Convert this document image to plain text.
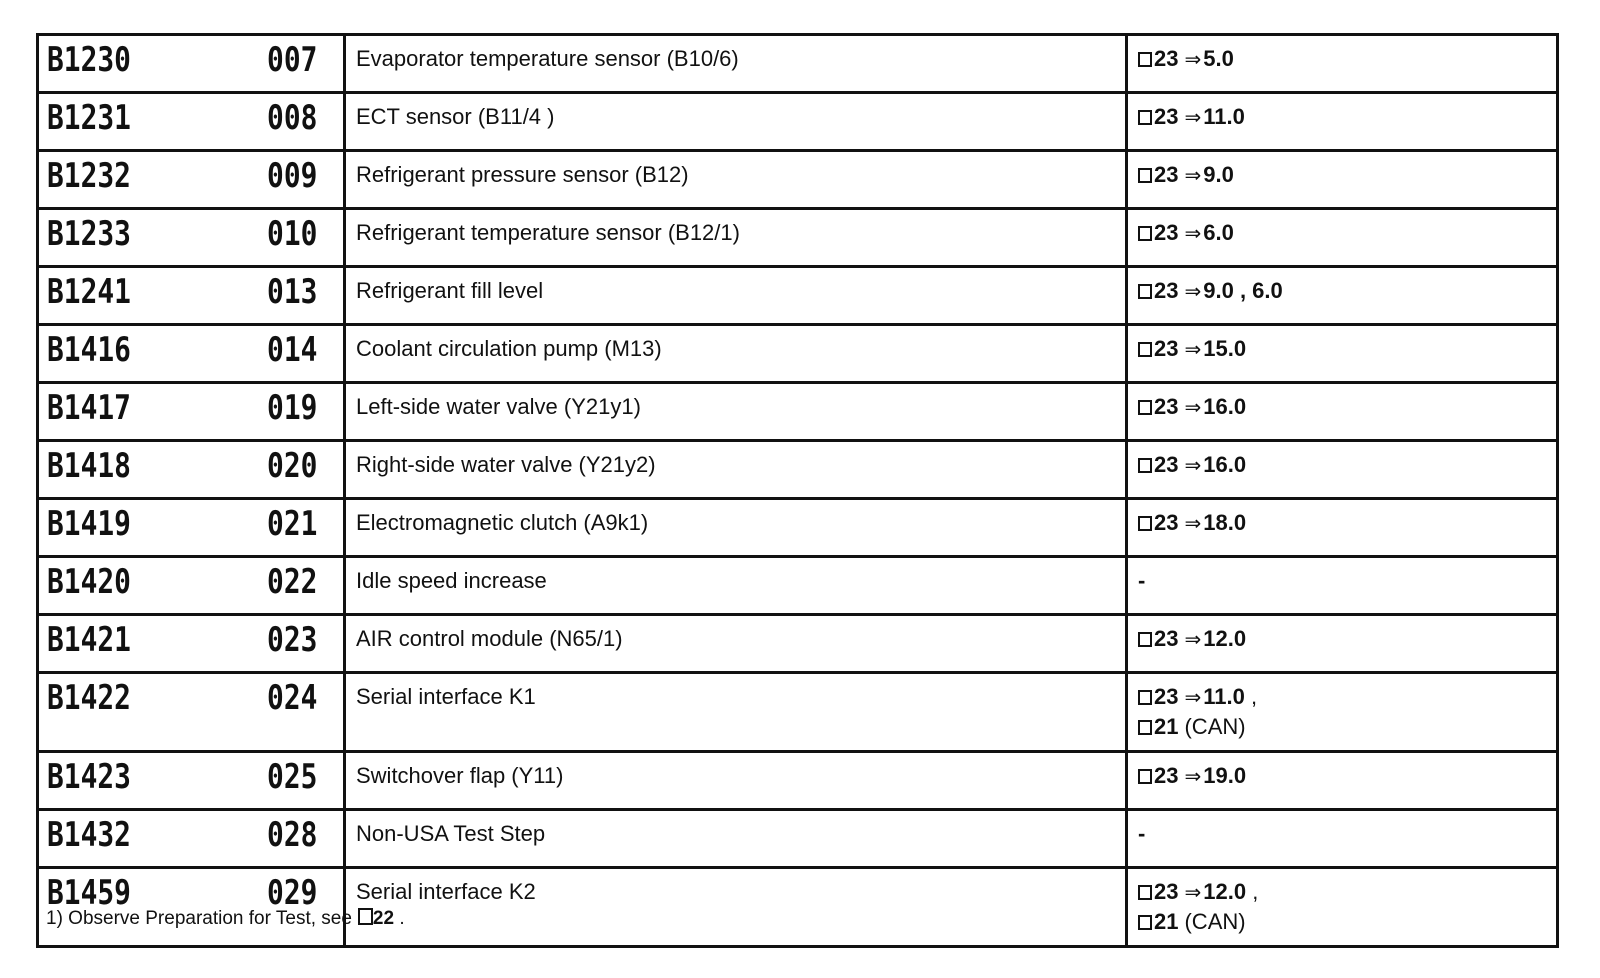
B1230 007	Evaporator temperature sensor (B10/6)	23 ⇒5.0

B1231 008	ECT sensor (B11/4 )	23 ⇒11.0

B1232 009	Refrigerant pressure sensor (B12)	23 ⇒9.0

B1233 010	Refrigerant temperature sensor (B12/1)	23 ⇒6.0

B1241 013	Refrigerant fill level	23 ⇒9.0 , 6.0

B1416 014	Coolant circulation pump (M13)	23 ⇒15.0

B1417 019	Left-side water valve (Y21y1)	23 ⇒16.0

B1418 020	Right-side water valve (Y21y2)	23 ⇒16.0

B1419 021	Electromagnetic clutch (A9k1)	23 ⇒18.0

B1420 022	Idle speed increase	-

B1421 023	AIR control module (N65/1)	23 ⇒12.0

B1422 024	Serial interface K1	23 ⇒11.0 ,
21 (CAN)

B1423 025	Switchover flap (Y11)	23 ⇒19.0

B1432 028	Non-USA Test Step	-

B1459 029	Serial interface K2	23 ⇒12.0 ,
21 (CAN)
1) Observe Preparation for Test, see 22 .
